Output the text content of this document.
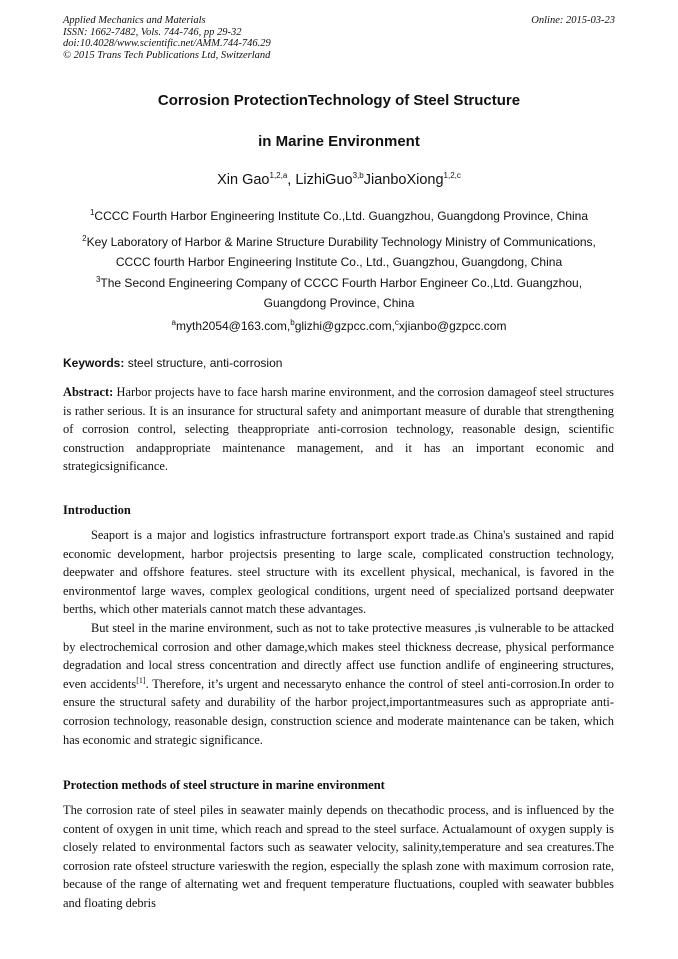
Applied Mechanics and Materials
ISSN: 1662-7482, Vols. 744-746, pp 29-32
doi:10.4028/www.scientific.net/AMM.744-746.29
© 2015 Trans Tech Publications Ltd, Switzerland
Online: 2015-03-23
Corrosion ProtectionTechnology of Steel Structure
in Marine Environment
Xin Gao$^{1,2,a}$, LizhiGuo$^{3,b}$JianboXiong$^{1,2,c}$
$^1$CCCC Fourth Harbor Engineering Institute Co.,Ltd. Guangzhou, Guangdong Province, China
$^2$Key Laboratory of Harbor & Marine Structure Durability Technology Ministry of Communications,
CCCC fourth Harbor Engineering Institute Co., Ltd., Guangzhou, Guangdong, China
$^3$The Second Engineering Company of CCCC Fourth Harbor Engineer Co.,Ltd. Guangzhou,
Guangdong Province, China
$^a$myth2054@163.com,$^b$glizhi@gzpcc.com,$^c$xjianbo@gzpcc.com
Keywords: steel structure, anti-corrosion
Abstract: Harbor projects have to face harsh marine environment, and the corrosion damageof steel structures is rather serious. It is an insurance for structural safety and animportant measure of durable that strengthening of corrosion control, selecting theappropriate anti-corrosion technology, reasonable design, scientific construction andappropriate maintenance management, and it has an important economic and strategicsignificance.
Introduction
Seaport is a major and logistics infrastructure fortransport export trade.as China's sustained and rapid economic development, harbor projectsis presenting to large scale, complicated construction technology, deepwater and offshore features. steel structure with its excellent physical, mechanical, is favored in the environmentof large waves, complex geological conditions, urgent need of specialized portsand deepwater berths, which other materials cannot match these advantages.
But steel in the marine environment, such as not to take protective measures ,is vulnerable to be attacked by electrochemical corrosion and other damage,which makes steel thickness decrease, physical performance degradation and local stress concentration and directly affect use function andlife of engineering structures, even accidents[1]. Therefore, it’s urgent and necessaryto enhance the control of steel anti-corrosion.In order to ensure the structural safety and durability of the harbor project,importantmeasures such as appropriate anti-corrosion technology, reasonable design, construction science and moderate maintenance can be taken, which has economic and strategic significance.
Protection methods of steel structure in marine environment
The corrosion rate of steel piles in seawater mainly depends on thecathodic process, and is influenced by the content of oxygen in unit time, which reach and spread to the steel surface. Actualamount of oxygen supply is closely related to environmental factors such as seawater velocity, salinity,temperature and sea creatures.The corrosion rate ofsteel structure varieswith the region, especially the splash zone with maximum corrosion rate, because of the range of alternating wet and frequent temperature fluctuations, coupled with seawater bubbles and floating debris
